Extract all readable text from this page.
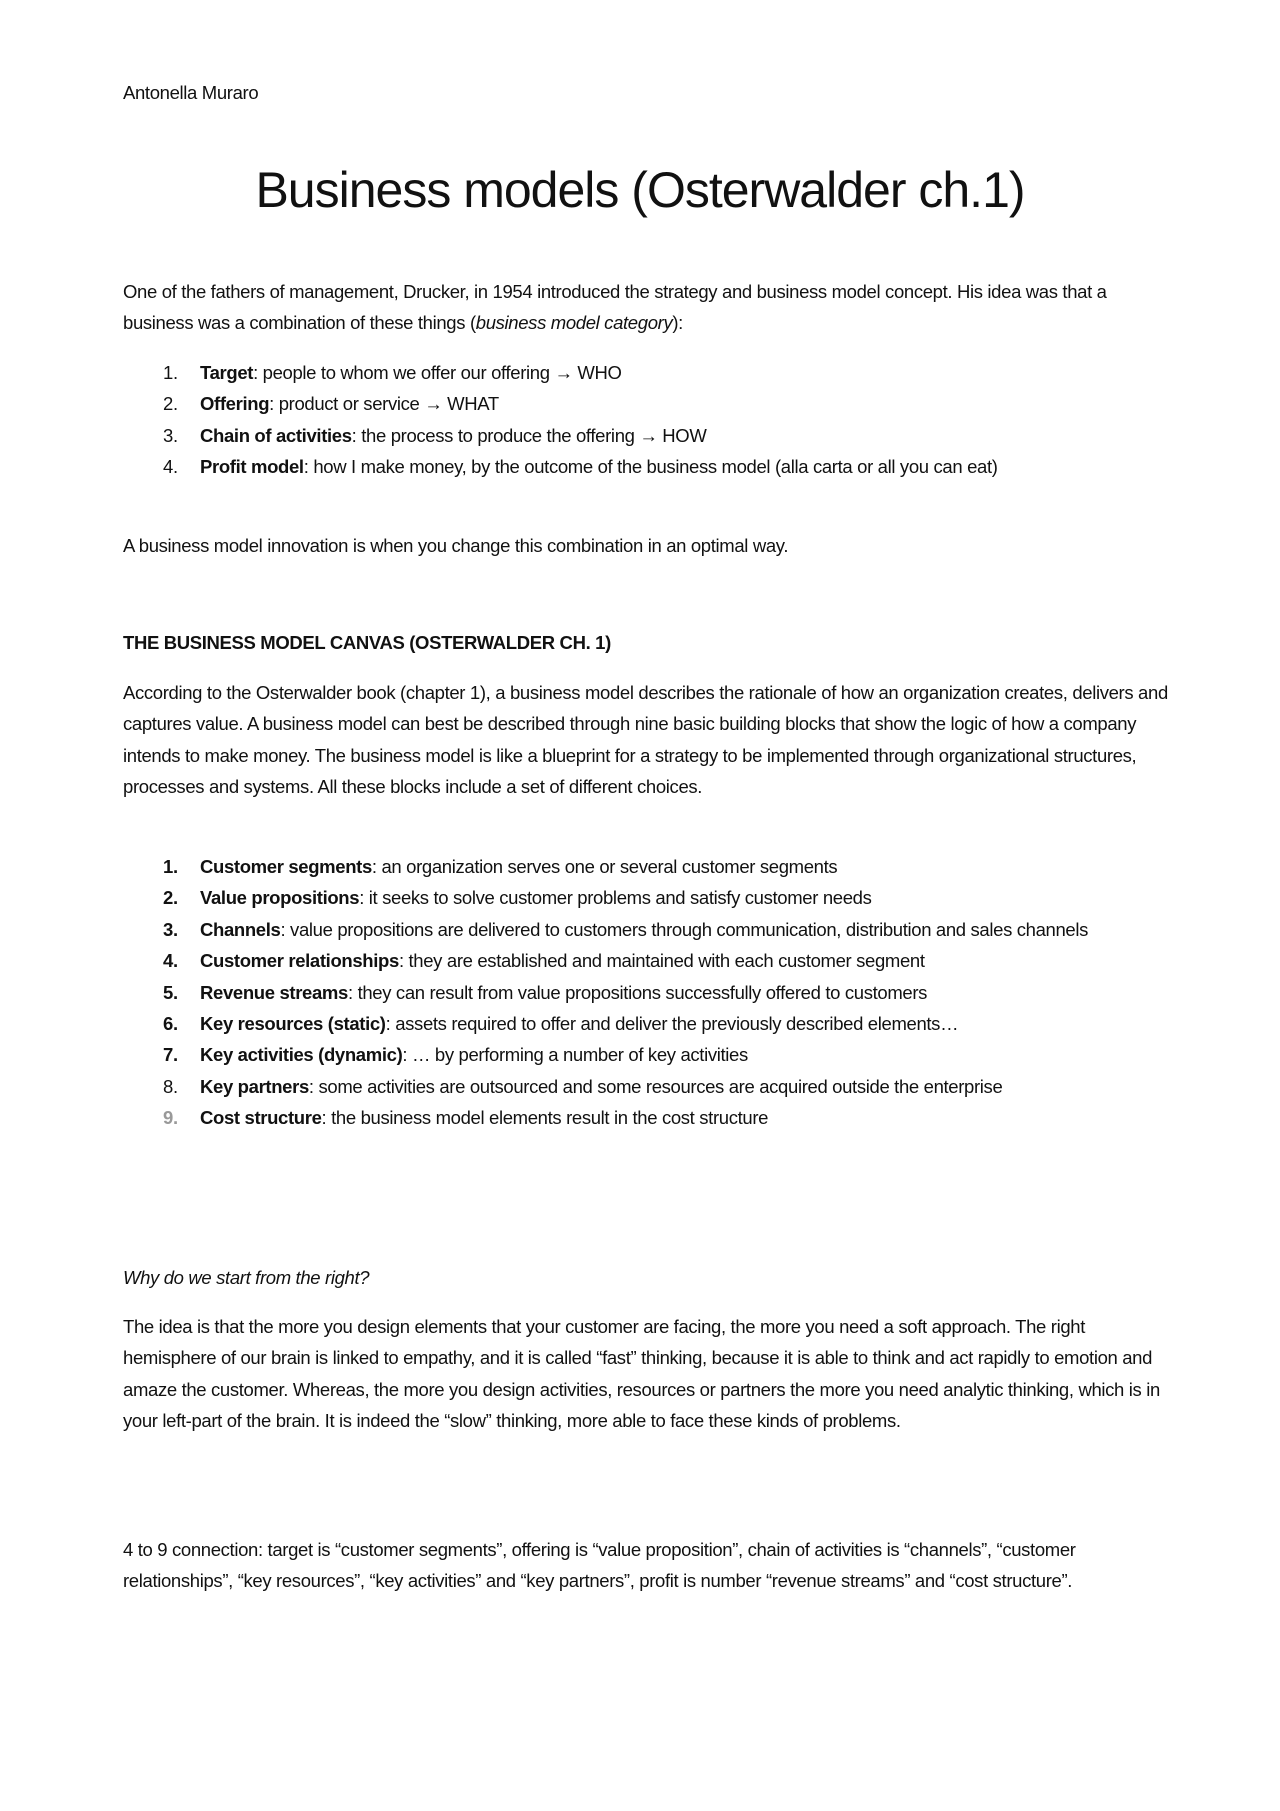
Antonella Muraro
Business models (Osterwalder ch.1)

One of the fathers of management, Drucker, in 1954 introduced the strategy and business model concept. His idea was that a business was a combination of these things (business model category):

1. Target: people to whom we offer our offering → WHO
2. Offering: product or service → WHAT
3. Chain of activities: the process to produce the offering → HOW
4. Profit model: how I make money, by the outcome of the business model (alla carta or all you can eat)

A business model innovation is when you change this combination in an optimal way.

THE BUSINESS MODEL CANVAS (OSTERWALDER CH. 1)

According to the Osterwalder book (chapter 1), a business model describes the rationale of how an organization creates, delivers and captures value. A business model can best be described through nine basic building blocks that show the logic of how a company intends to make money. The business model is like a blueprint for a strategy to be implemented through organizational structures, processes and systems. All these blocks include a set of different choices.

1. Customer segments: an organization serves one or several customer segments
2. Value propositions: it seeks to solve customer problems and satisfy customer needs
3. Channels: value propositions are delivered to customers through communication, distribution and sales channels
4. Customer relationships: they are established and maintained with each customer segment
5. Revenue streams: they can result from value propositions successfully offered to customers
6. Key resources (static): assets required to offer and deliver the previously described elements…
7. Key activities (dynamic): … by performing a number of key activities
8. Key partners: some activities are outsourced and some resources are acquired outside the enterprise
9. Cost structure: the business model elements result in the cost structure

Why do we start from the right?

The idea is that the more you design elements that your customer are facing, the more you need a soft approach. The right hemisphere of our brain is linked to empathy, and it is called “fast” thinking, because it is able to think and act rapidly to emotion and amaze the customer. Whereas, the more you design activities, resources or partners the more you need analytic thinking, which is in your left-part of the brain. It is indeed the “slow” thinking, more able to face these kinds of problems.

4 to 9 connection: target is “customer segments”, offering is “value proposition”, chain of activities is “channels”, “customer relationships”, “key resources”, “key activities” and “key partners”, profit is number “revenue streams” and “cost structure”.
